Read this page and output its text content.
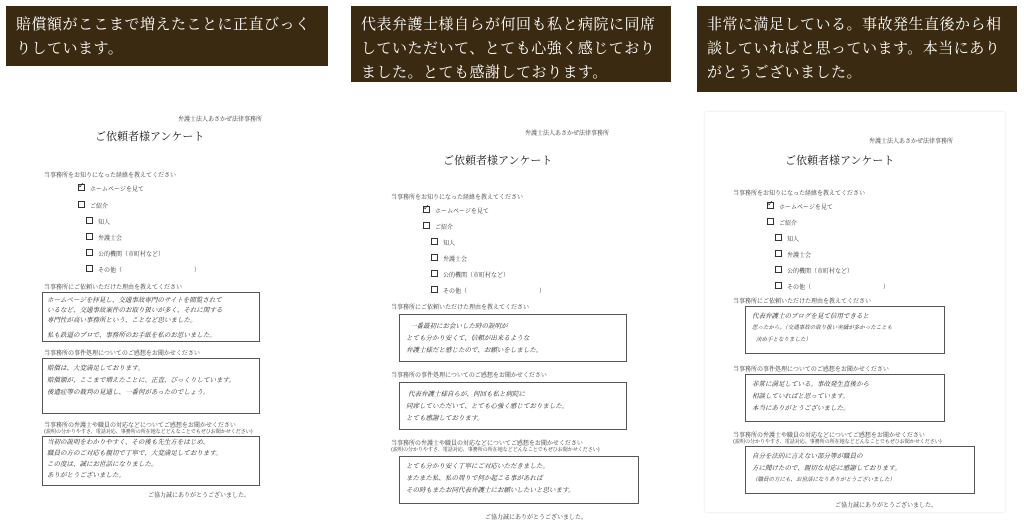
賠償額がここまで増えたことに正直びっくりしています。
代表弁護士様自らが何回も私と病院に同席していただいて、とても心強く感じておりました。とても感謝しております。
非常に満足している。事故発生直後から相談していればと思っています。本当にありがとうございました。
弁護士法人あさかぜ法律事務所
ご依頼者様アンケート
当事務所をお知りになった経緯を教えてください
✓
ホームページを見て
ご紹介
知人
弁護士会
公的機関（市町村など）
その他（　　　　　　　　　　　　）
当事務所にご依頼いただけた理由を教えてください
ホームページを拝見し、交通事故専門のサイトを閲覧されて
いるなど、交通事故案件のお取り扱いが多く、それに関する
専門性が高い事務所という、ことなど思いました。
私も鉄道のプロで、事務所のお手紙を私のお思いました。
当事務所の事件処理についてのご感想をお聞かせください
賠償は、大変満足しております。
賠償額が、ここまで増えたことに、正直、びっくりしています。
後遺症等の裁判の見通し、一番何があったのでしょう。
当事務所の弁護士や職員の対応などについてご感想をお聞かせください
(説明の分かりやすさ、電話対応、事務所の所在地などどんなことでもぜひお聞かせください)
当初の説明をわかりやすく、その後も先生方をはじめ、
職員の方のご対応も親切で丁寧で、大変満足しております。
この度は、誠にお世話になりました。
ありがとうございました。
ご協力誠にありがとうございました。
弁護士法人あさかぜ法律事務所
ご依頼者様アンケート
当事務所をお知りになった経緯を教えてください
✓
ホームページを見て
ご紹介
知人
弁護士会
公的機関（市町村など）
その他（　　　　　　　　　　　　）
当事務所にご依頼いただけた理由を教えてください
一番最初にお会いした時の説明が
とても分かり安くて、信頼が出来るような
弁護士様だと感じたので、お願いをしました。
当事務所の事件処理についてのご感想をお聞かせください
代表弁護士様自らが、何回も私と病院に
同席していただいて、とても心強く感じておりました。
とても感謝しております。
当事務所の弁護士や職員の対応などについてご感想をお聞かせください
(説明の分かりやすさ、電話対応、事務所の所在地などどんなことでもぜひお聞かせください)
とても分かり安く丁寧にご対応いただきました。
またまた私、私の周りで何か起こる事があれば
その時もまたお同代表弁護士にお願いしたいと思います。
ご協力誠にありがとうございました。
弁護士法人あさかぜ法律事務所
ご依頼者様アンケート
当事務所をお知りになった経緯を教えてください
✓
ホームページを見て
ご紹介
知人
弁護士会
公的機関（市町村など）
その他（　　　　　　　　　　　　）
当事務所にご依頼いただけた理由を教えてください
代表弁護士のブログを見て信用できると
思ったから。（交通事故の取り扱い実績が多かったことも
決め手となりました）
当事務所の事件処理についてのご感想をお聞かせください
非常に満足している。事故発生直後から
相談していればと思っています。
本当にありがとうございました。
当事務所の弁護士や職員の対応などについてご感想をお聞かせください
(説明の分かりやすさ、電話対応、事務所の所在地などどんなことでもぜひお聞かせください)
自分を法的に言えない部分等が職員の
方に聞けたので、親切な対応に感謝しております。
（職員の方にも、お世話になりありがとうございました）
ご協力誠にありがとうございました。
